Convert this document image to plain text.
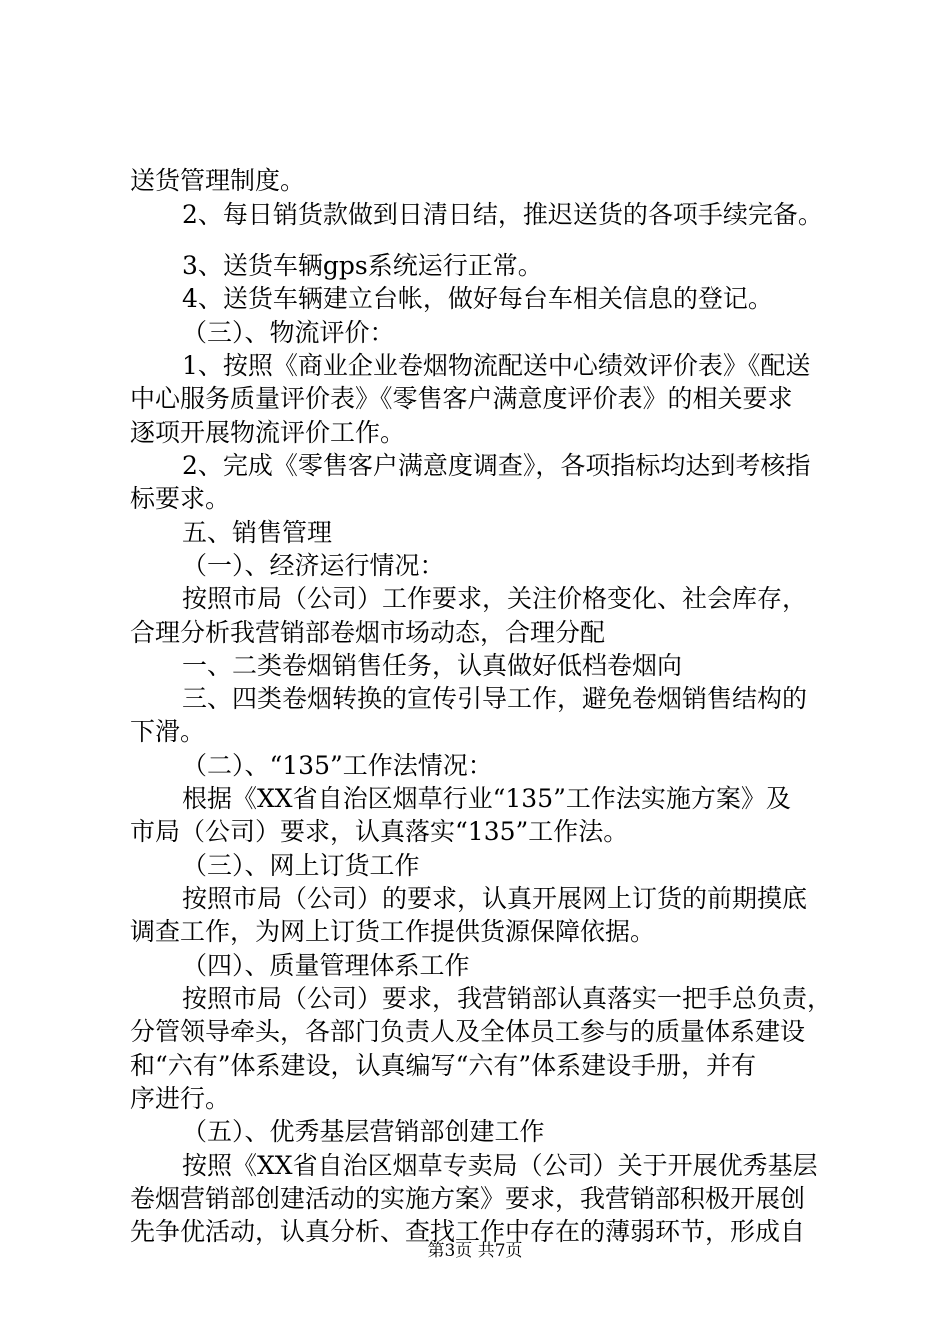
送货管理制度。
2、每日销货款做到日清日结，推迟送货的各项手续完备。
3、送货车辆gps系统运行正常。
4、送货车辆建立台帐，做好每台车相关信息的登记。
（三）、物流评价：
1、按照《商业企业卷烟物流配送中心绩效评价表》《配送
中心服务质量评价表》《零售客户满意度评价表》的相关要求
逐项开展物流评价工作。
2、完成《零售客户满意度调查》，各项指标均达到考核指
标要求。
五、销售管理
（一）、经济运行情况：
按照市局（公司）工作要求，关注价格变化、社会库存，
合理分析我营销部卷烟市场动态，合理分配
一、二类卷烟销售任务，认真做好低档卷烟向
三、四类卷烟转换的宣传引导工作，避免卷烟销售结构的
下滑。
（二）、“135”工作法情况：
根据《XX省自治区烟草行业“135”工作法实施方案》及
市局（公司）要求，认真落实“135”工作法。
（三）、网上订货工作
按照市局（公司）的要求，认真开展网上订货的前期摸底
调查工作，为网上订货工作提供货源保障依据。
（四）、质量管理体系工作
按照市局（公司）要求，我营销部认真落实一把手总负责，
分管领导牵头，各部门负责人及全体员工参与的质量体系建设
和“六有”体系建设，认真编写“六有”体系建设手册，并有
序进行。
（五）、优秀基层营销部创建工作
按照《XX省自治区烟草专卖局（公司）关于开展优秀基层
卷烟营销部创建活动的实施方案》要求，我营销部积极开展创
先争优活动，认真分析、查找工作中存在的薄弱环节，形成自
第3页 共7页
